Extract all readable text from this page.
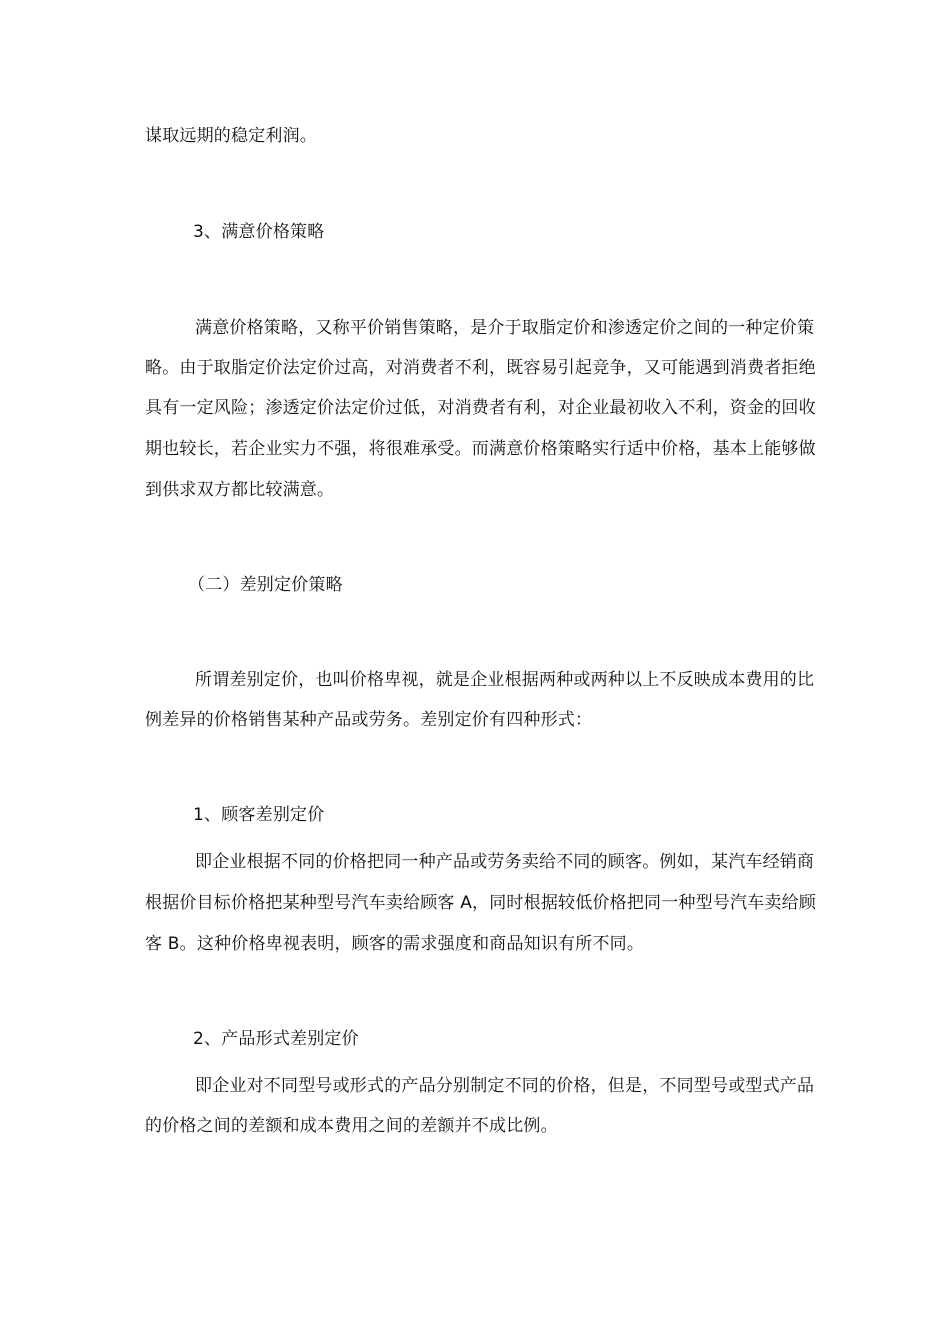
谋取远期的稳定利润。
3、满意价格策略
满意价格策略，又称平价销售策略，是介于取脂定价和渗透定价之间的一种定价策
略。由于取脂定价法定价过高，对消费者不利，既容易引起竞争，又可能遇到消费者拒绝
具有一定风险；渗透定价法定价过低，对消费者有利，对企业最初收入不利，资金的回收
期也较长，若企业实力不强，将很难承受。而满意价格策略实行适中价格，基本上能够做
到供求双方都比较满意。
（二）差别定价策略
所谓差别定价，也叫价格卑视，就是企业根据两种或两种以上不反映成本费用的比
例差异的价格销售某种产品或劳务。差别定价有四种形式：
1、顾客差别定价
即企业根据不同的价格把同一种产品或劳务卖给不同的顾客。例如，某汽车经销商
根据价目标价格把某种型号汽车卖给顾客 A，同时根据较低价格把同一种型号汽车卖给顾
客 B。这种价格卑视表明，顾客的需求强度和商品知识有所不同。
2、产品形式差别定价
即企业对不同型号或形式的产品分别制定不同的价格，但是，不同型号或型式产品
的价格之间的差额和成本费用之间的差额并不成比例。
